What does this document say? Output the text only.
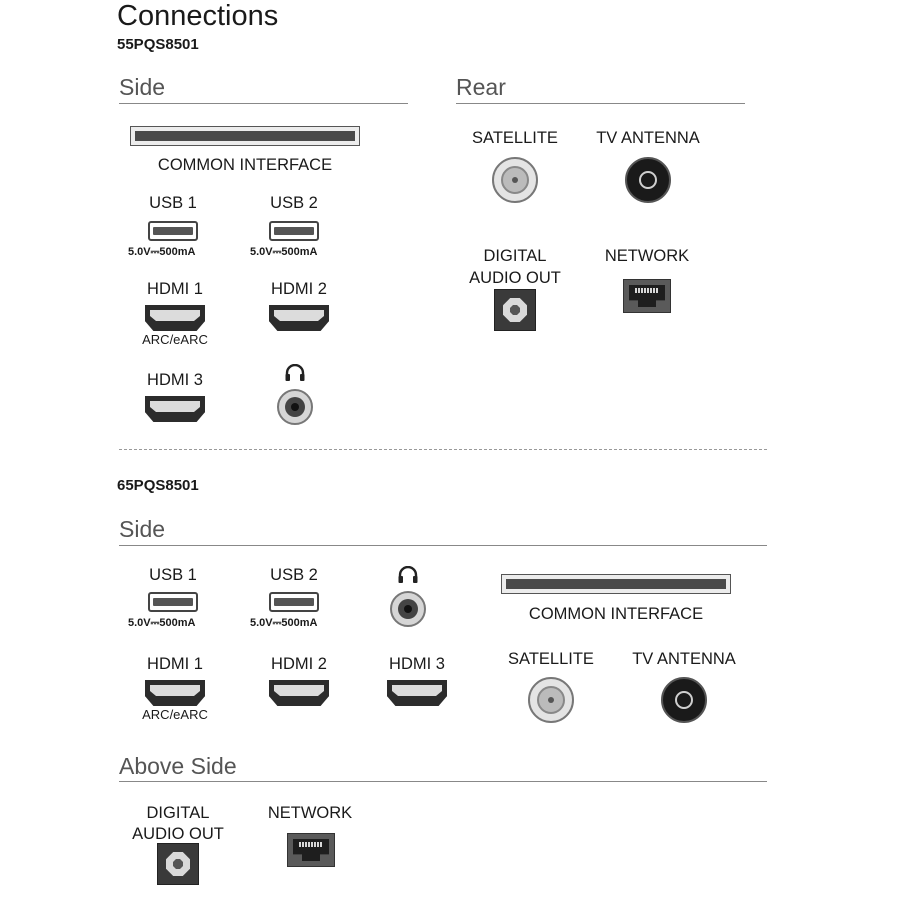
Connections
55PQS8501
Side
COMMON INTERFACE
USB 1
5.0V⎓500mA
USB 2
5.0V⎓500mA
HDMI 1
ARC/eARC
HDMI 2
HDMI 3
Rear
SATELLITE	TV ANTENNA
DIGITAL
AUDIO OUT
NETWORK
65PQS8501
Side
USB 1
5.0V⎓500mA
USB 2
5.0V⎓500mA	COMMON INTERFACE
HDMI 1
ARC/eARC
HDMI 2	HDMI 3	SATELLITE	TV ANTENNA
Above Side
DIGITAL
AUDIO OUT
NETWORK
